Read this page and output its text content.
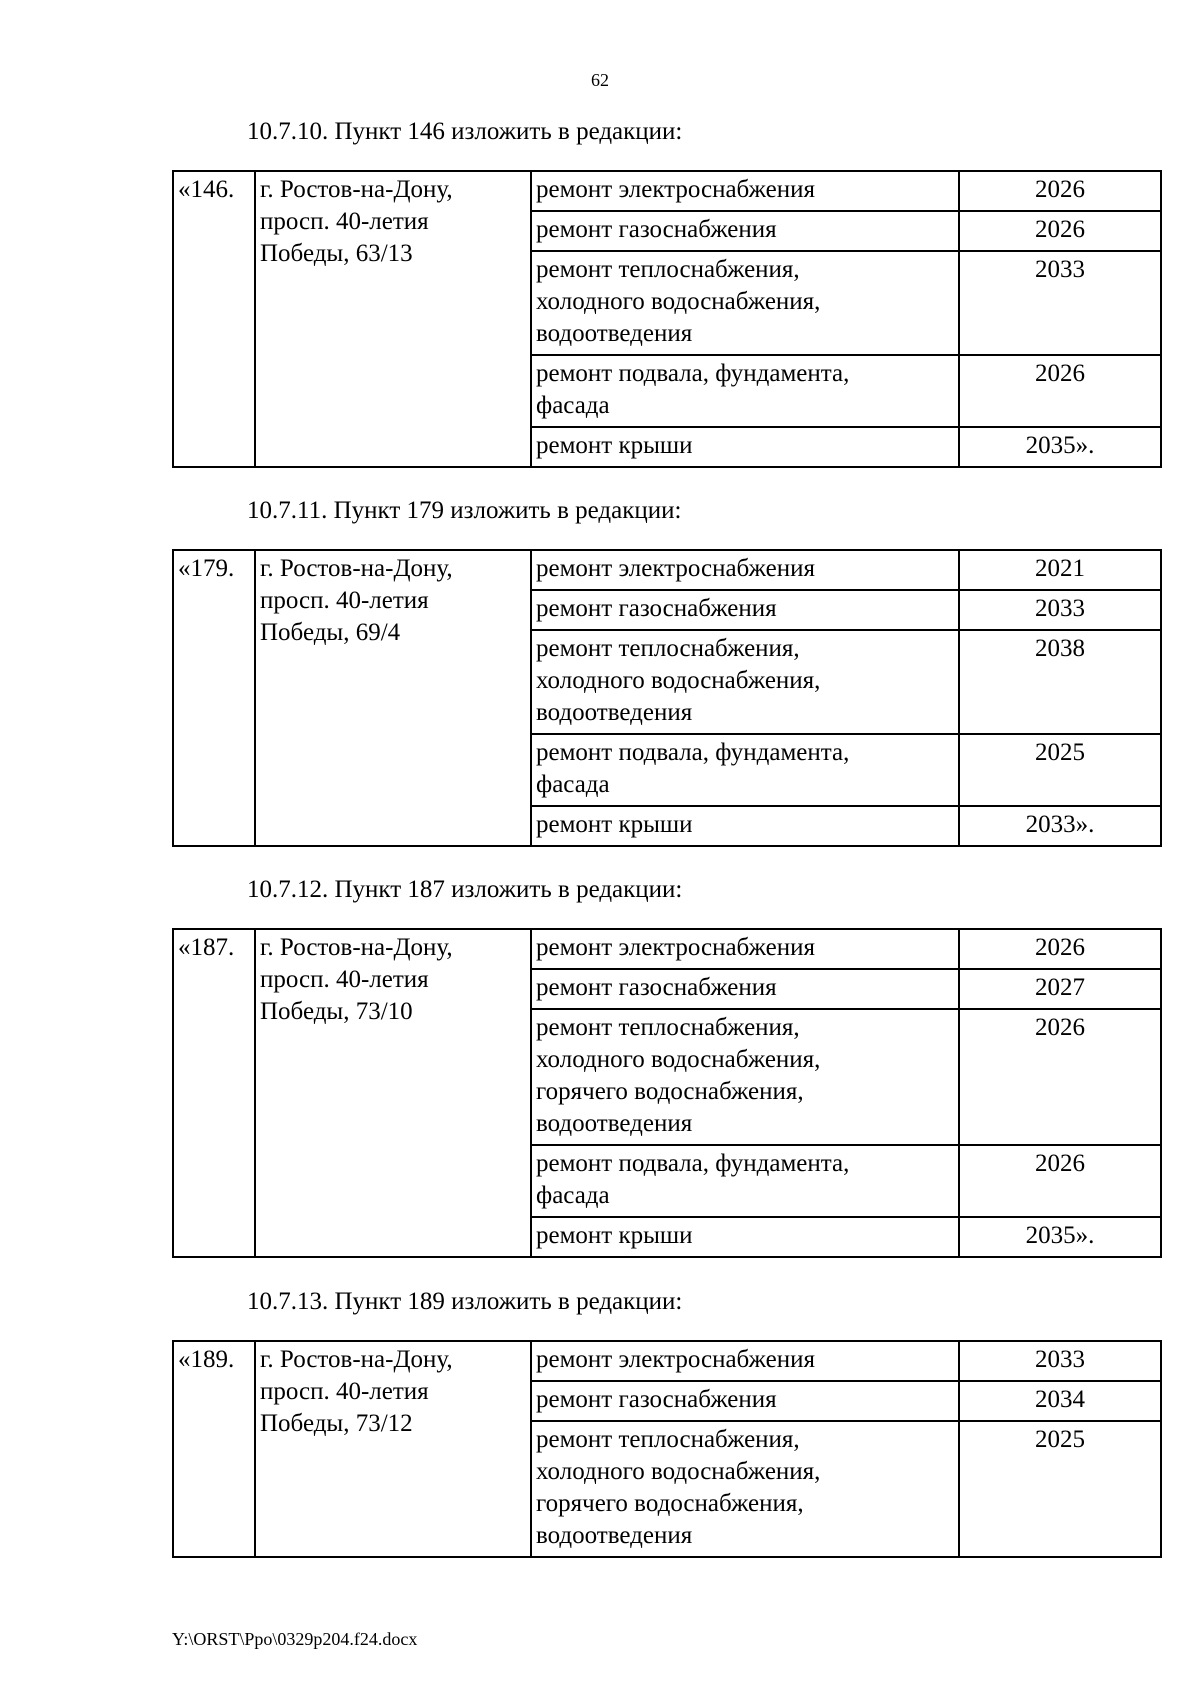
62
10.7.10. Пункт 146 изложить в редакции:
«146.	г. Ростов-на-Дону,
просп. 40-летия
Победы, 63/13	ремонт электроснабжения	2026
		ремонт газоснабжения	2026
		ремонт теплоснабжения,
холодного водоснабжения,
водоотведения	2033
		ремонт подвала, фундамента,
фасада	2026
		ремонт крыши	2035».
10.7.11. Пункт 179 изложить в редакции:
«179.	г. Ростов-на-Дону,
просп. 40-летия
Победы, 69/4	ремонт электроснабжения	2021
		ремонт газоснабжения	2033
		ремонт теплоснабжения,
холодного водоснабжения,
водоотведения	2038
		ремонт подвала, фундамента,
фасада	2025
		ремонт крыши	2033».
10.7.12. Пункт 187 изложить в редакции:
«187.	г. Ростов-на-Дону,
просп. 40-летия
Победы, 73/10	ремонт электроснабжения	2026
		ремонт газоснабжения	2027
		ремонт теплоснабжения,
холодного водоснабжения,
горячего водоснабжения,
водоотведения	2026
		ремонт подвала, фундамента,
фасада	2026
		ремонт крыши	2035».
10.7.13. Пункт 189 изложить в редакции:
«189.	г. Ростов-на-Дону,
просп. 40-летия
Победы, 73/12	ремонт электроснабжения	2033
		ремонт газоснабжения	2034
		ремонт теплоснабжения,
холодного водоснабжения,
горячего водоснабжения,
водоотведения	2025
Y:\ORST\Ppo\0329p204.f24.docx
